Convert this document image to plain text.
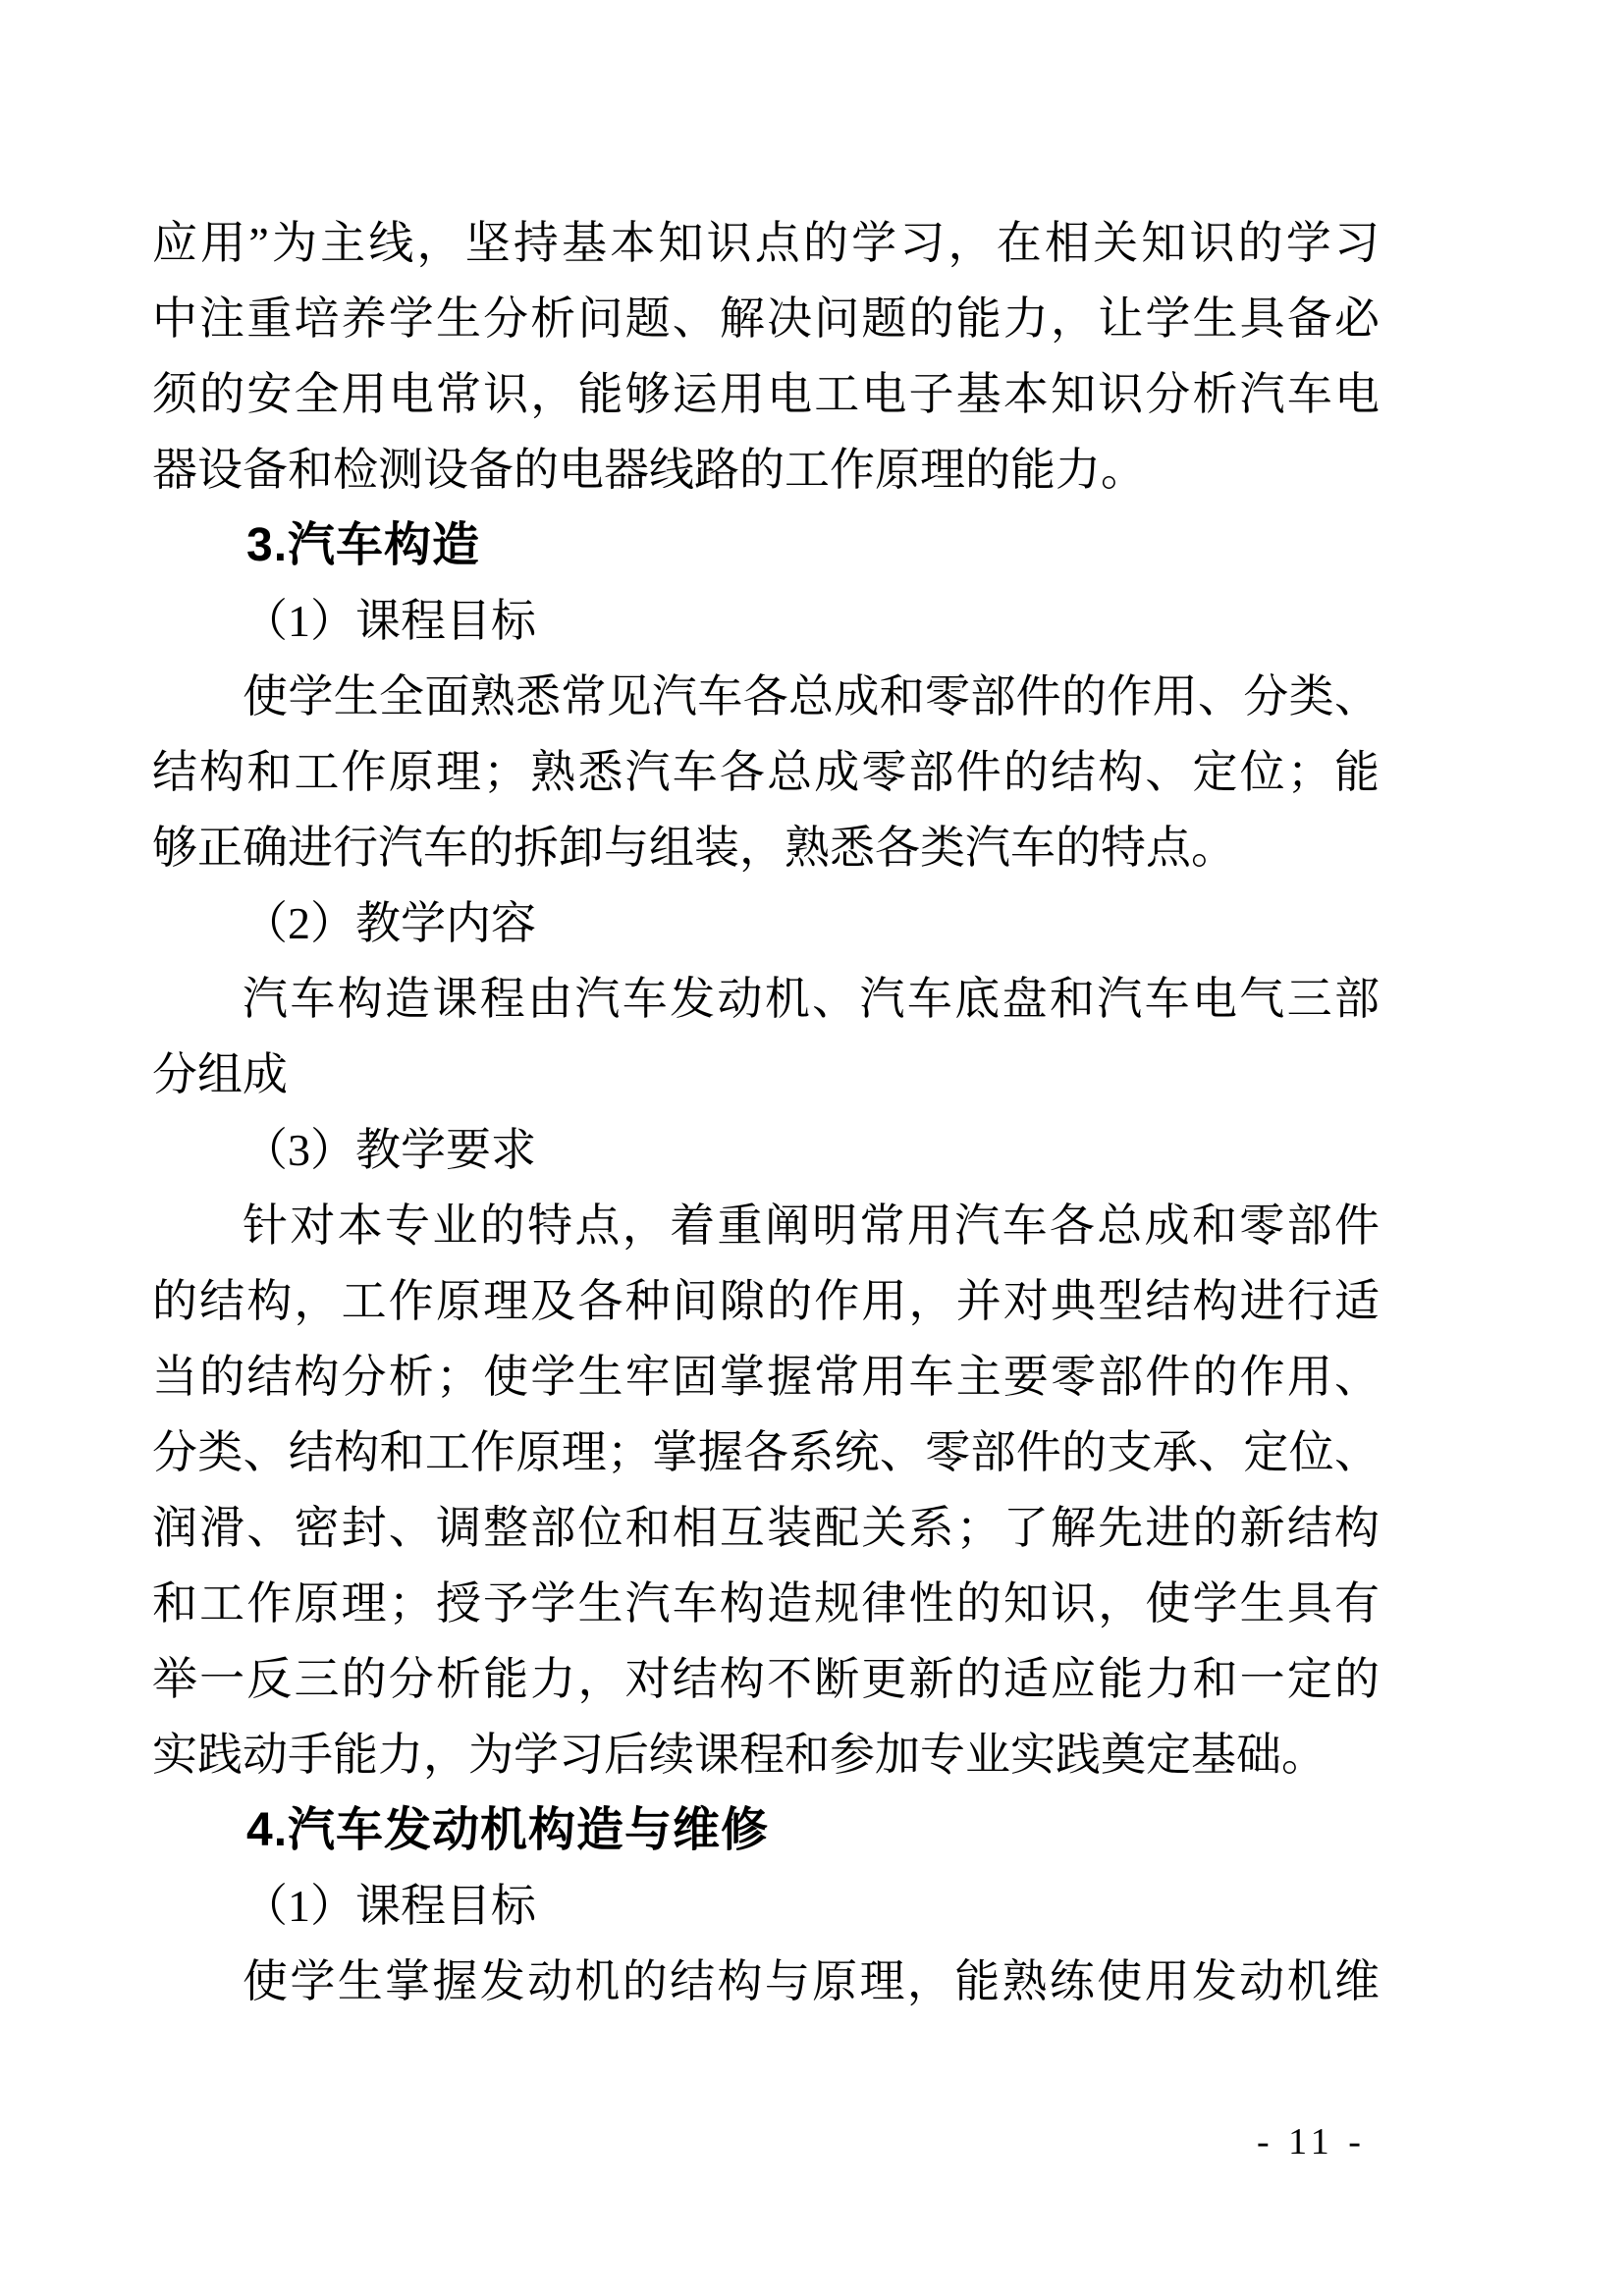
应用”为主线，坚持基本知识点的学习，在相关知识的学习
中注重培养学生分析问题、解决问题的能力，让学生具备必
须的安全用电常识，能够运用电工电子基本知识分析汽车电
器设备和检测设备的电器线路的工作原理的能力。
3.汽车构造
（1）课程目标
使学生全面熟悉常见汽车各总成和零部件的作用、分类、
结构和工作原理；熟悉汽车各总成零部件的结构、定位；能
够正确进行汽车的拆卸与组装，熟悉各类汽车的特点。
（2）教学内容
汽车构造课程由汽车发动机、汽车底盘和汽车电气三部
分组成
（3）教学要求
针对本专业的特点，着重阐明常用汽车各总成和零部件
的结构，工作原理及各种间隙的作用，并对典型结构进行适
当的结构分析；使学生牢固掌握常用车主要零部件的作用、
分类、结构和工作原理；掌握各系统、零部件的支承、定位、
润滑、密封、调整部位和相互装配关系；了解先进的新结构
和工作原理；授予学生汽车构造规律性的知识，使学生具有
举一反三的分析能力，对结构不断更新的适应能力和一定的
实践动手能力，为学习后续课程和参加专业实践奠定基础。
4.汽车发动机构造与维修
（1）课程目标
使学生掌握发动机的结构与原理，能熟练使用发动机维
- 11 -
